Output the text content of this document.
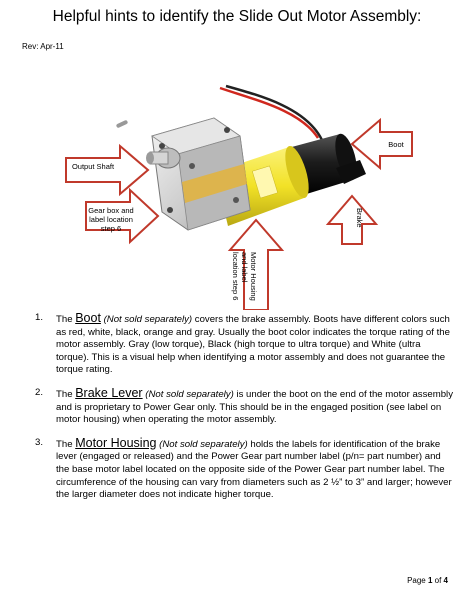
Helpful hints to identify the Slide Out Motor Assembly:
Rev: Apr-11
Output Shaft
Gear box and label location step 6
Boot
Brake
Motor Housing and label location step 6
1. The Boot (Not sold separately) covers the brake assembly. Boots have different colors such as red, white, black, orange and gray. Usually the boot color indicates the torque rating of the motor assembly. Gray (low torque), Black (high torque to ultra torque) and White (ultra torque). This is a visual help when identifying a motor assembly and does not guarantee the torque rating.
2. The Brake Lever (Not sold separately) is under the boot on the end of the motor assembly and is proprietary to Power Gear only. This should be in the engaged position (see label on motor housing) when operating the motor assembly.
3. The Motor Housing (Not sold separately) holds the labels for identification of the brake lever (engaged or released) and the Power Gear part number label (p/n= part number) and the base motor label located on the opposite side of the Power Gear part number label. The circumference of the housing can vary from diameters such as 2 ½” to 3” and larger; however the larger diameter does not indicate higher torque.
Page 1 of 4
